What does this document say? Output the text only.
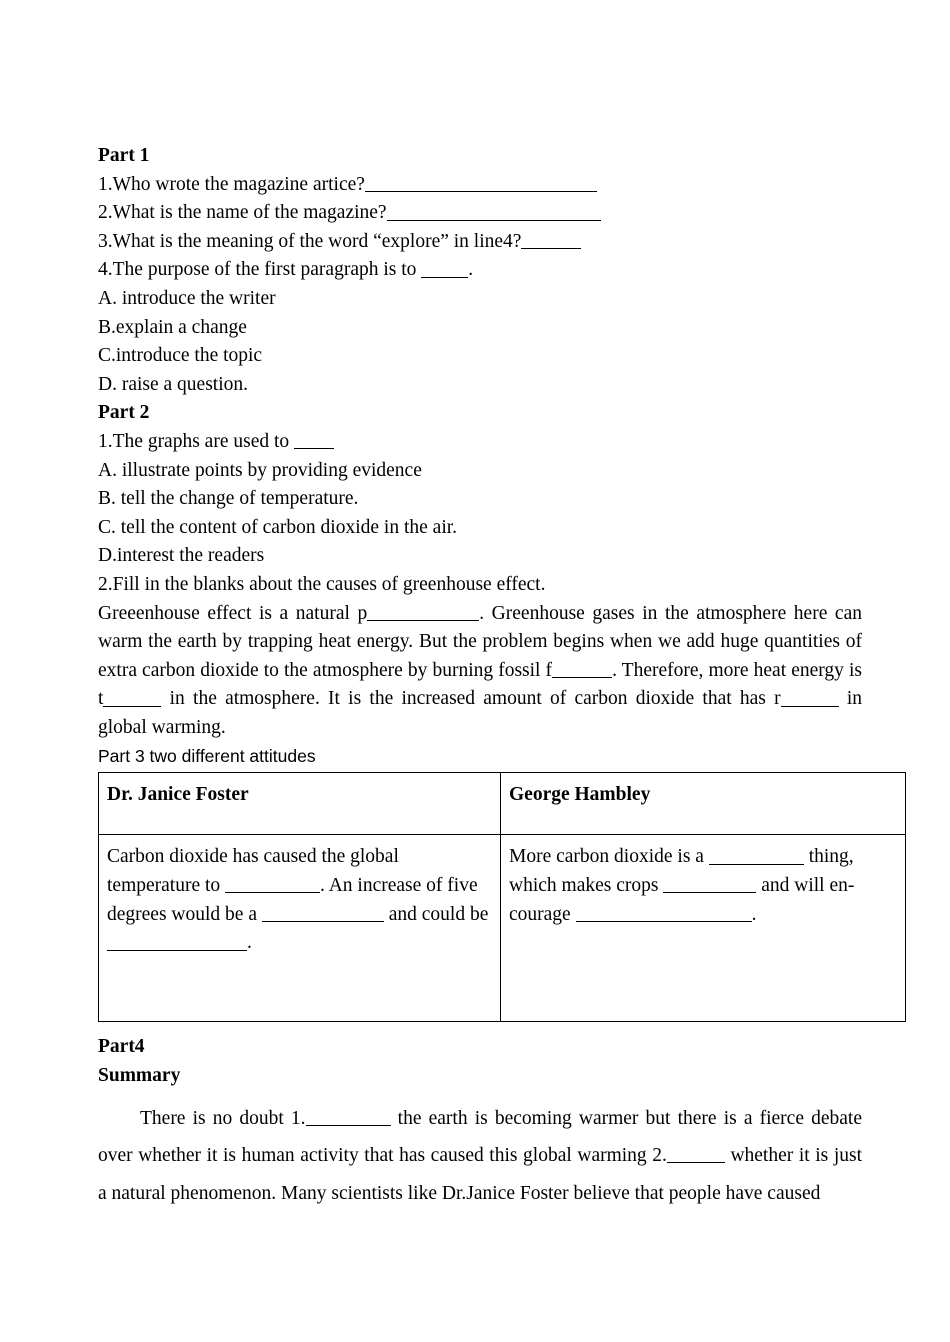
Part 1
1.Who wrote the magazine artice?
2.What is the name of the magazine?
3.What is the meaning of the word “explore” in line4?
4.The purpose of the first paragraph is to .
A. introduce the writer
B.explain a change
C.introduce the topic
D. raise a question.
Part 2
1.The graphs are used to
A. illustrate points by providing evidence
B. tell the change of temperature.
C. tell the content of carbon dioxide in the air.
D.interest the readers
2.Fill in the blanks about the causes of greenhouse effect.
Greeenhouse effect is a natural p	. Greenhouse gases in the atmosphere here can warm the earth by trapping heat energy. But the problem begins when we add huge quantities of extra carbon dioxide to the atmosphere by burning fossil f	. Therefore, more heat energy is t	in the atmosphere. It is the increased amount of carbon dioxide that has r	in global warming.
Part 3 two different attitudes
Dr. Janice Foster	George Hambley
Carbon dioxide has caused the global temperature to . An increase of five degrees would be a and could be .	More carbon dioxide is a thing, which makes crops and will en-courage .
Part4
Summary
There is no doubt 1.	the earth is becoming warmer but there is a fierce debate over whether it is human activity that has caused this global warming 2.	whether it is just a natural phenomenon. Many scientists like Dr.Janice Foster believe that people have caused
